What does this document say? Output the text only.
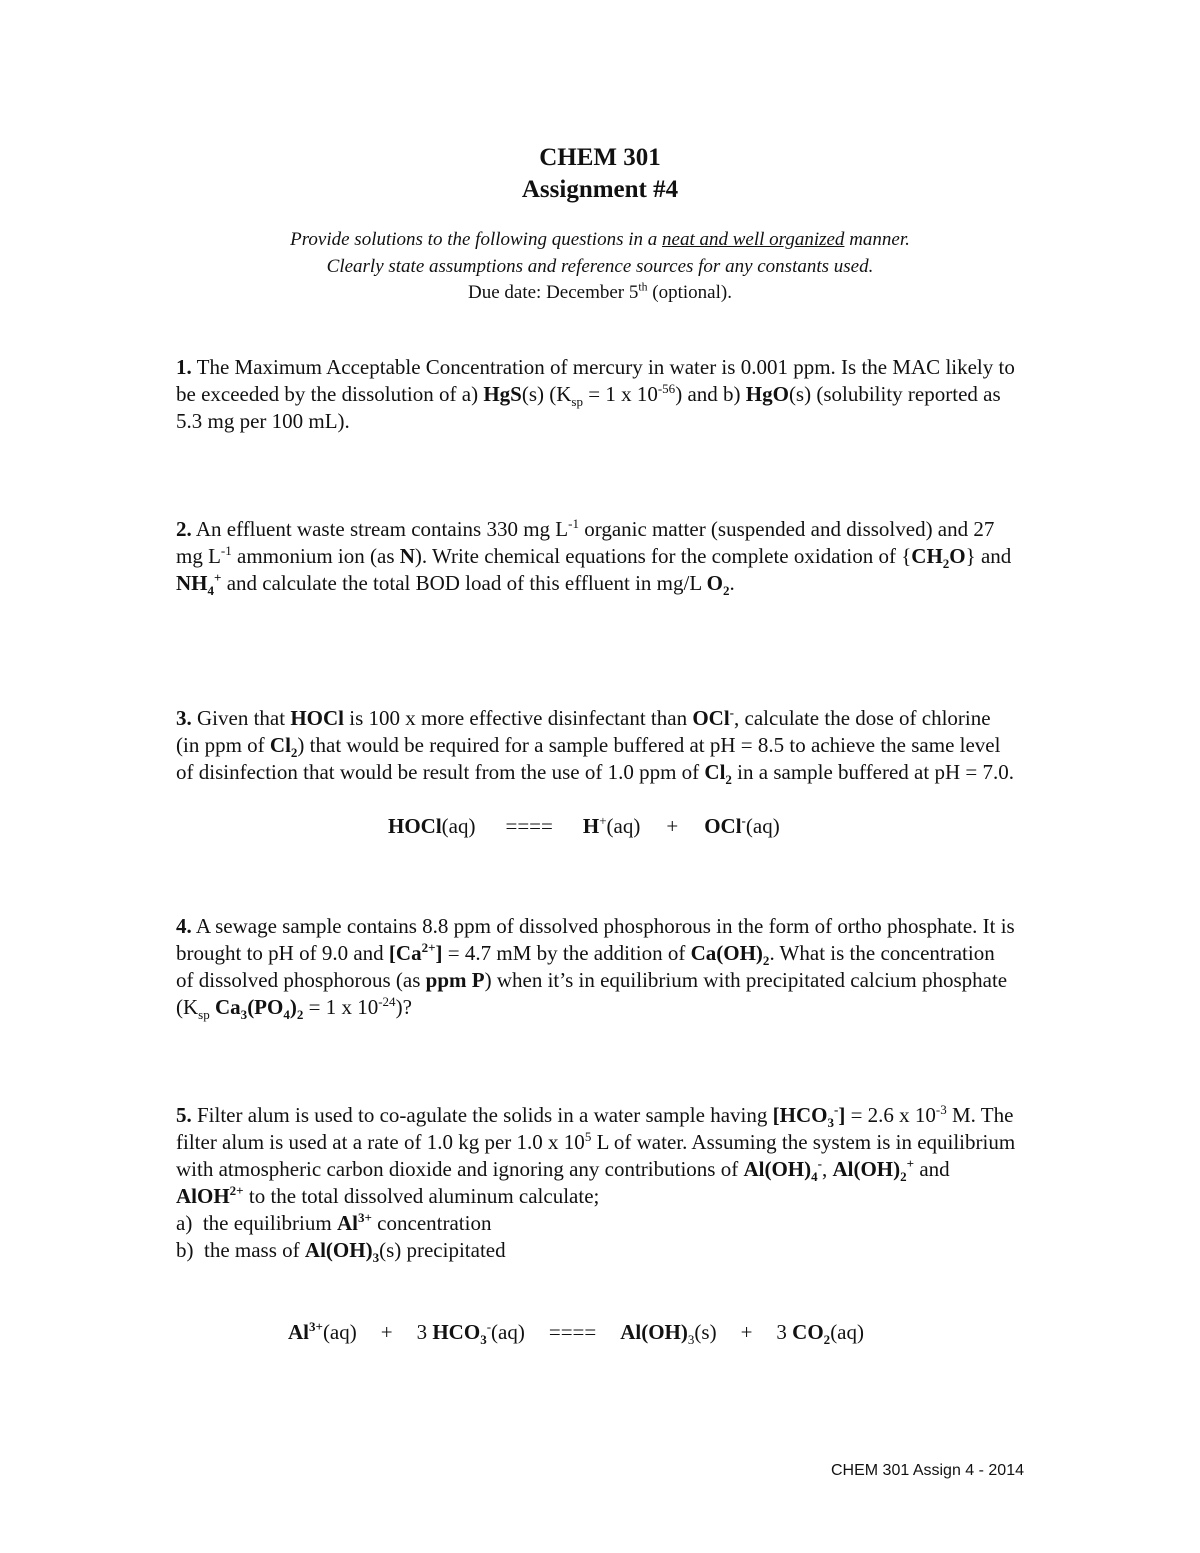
CHEM 301
Assignment #4
Provide solutions to the following questions in a neat and well organized manner.
Clearly state assumptions and reference sources for any constants used.
Due date: December 5th (optional).
1. The Maximum Acceptable Concentration of mercury in water is 0.001 ppm. Is the MAC likely to be exceeded by the dissolution of a) HgS(s) ($K_{sp} = 1$ x $10^{-56}$) and b) HgO(s) (solubility reported as 5.3 mg per 100 mL).
2. An effluent waste stream contains 330 mg $L^{-1}$ organic matter (suspended and dissolved) and 27 mg $L^{-1}$ ammonium ion (as N). Write chemical equations for the complete oxidation of $\{CH_2O\}$ and $NH_4^+$ and calculate the total BOD load of this effluent in mg/L $O_2$.
3. Given that HOCl is 100 x more effective disinfectant than OCl-, calculate the dose of chlorine (in ppm of $Cl_2$) that would be required for a sample buffered at pH = 8.5 to achieve the same level of disinfection that would be result from the use of 1.0 ppm of $Cl_2$ in a sample buffered at pH = 7.0.
HOCl(aq) ==== H+(aq) + OCl-(aq)
4. A sewage sample contains 8.8 ppm of dissolved phosphorous in the form of ortho phosphate. It is brought to pH of 9.0 and $[Ca^{2+}] = 4.7$ mM by the addition of $Ca(OH)_2$. What is the concentration of dissolved phosphorous (as ppm P) when it’s in equilibrium with precipitated calcium phosphate ($K_{sp}$ $Ca_3(PO_4)_2 = 1$ x $10^{-24}$)?
5. Filter alum is used to co-agulate the solids in a water sample having $[HCO_3^-] = 2.6$ x $10^{-3}$ M. The filter alum is used at a rate of 1.0 kg per 1.0 x $10^5$ L of water. Assuming the system is in equilibrium with atmospheric carbon dioxide and ignoring any contributions of $Al(OH)_4^-$, $Al(OH)_2^+$ and AlOH$^{2+}$ to the total dissolved aluminum calculate;
a) the equilibrium $Al^{3+}$ concentration
b) the mass of $Al(OH)_3(s)$ precipitated
$Al^{3+}(aq) + 3$ $HCO_3^-(aq)$ ==== $Al(OH)_3(s) + 3$ $CO_2(aq)$
CHEM 301 Assign 4 - 2014
